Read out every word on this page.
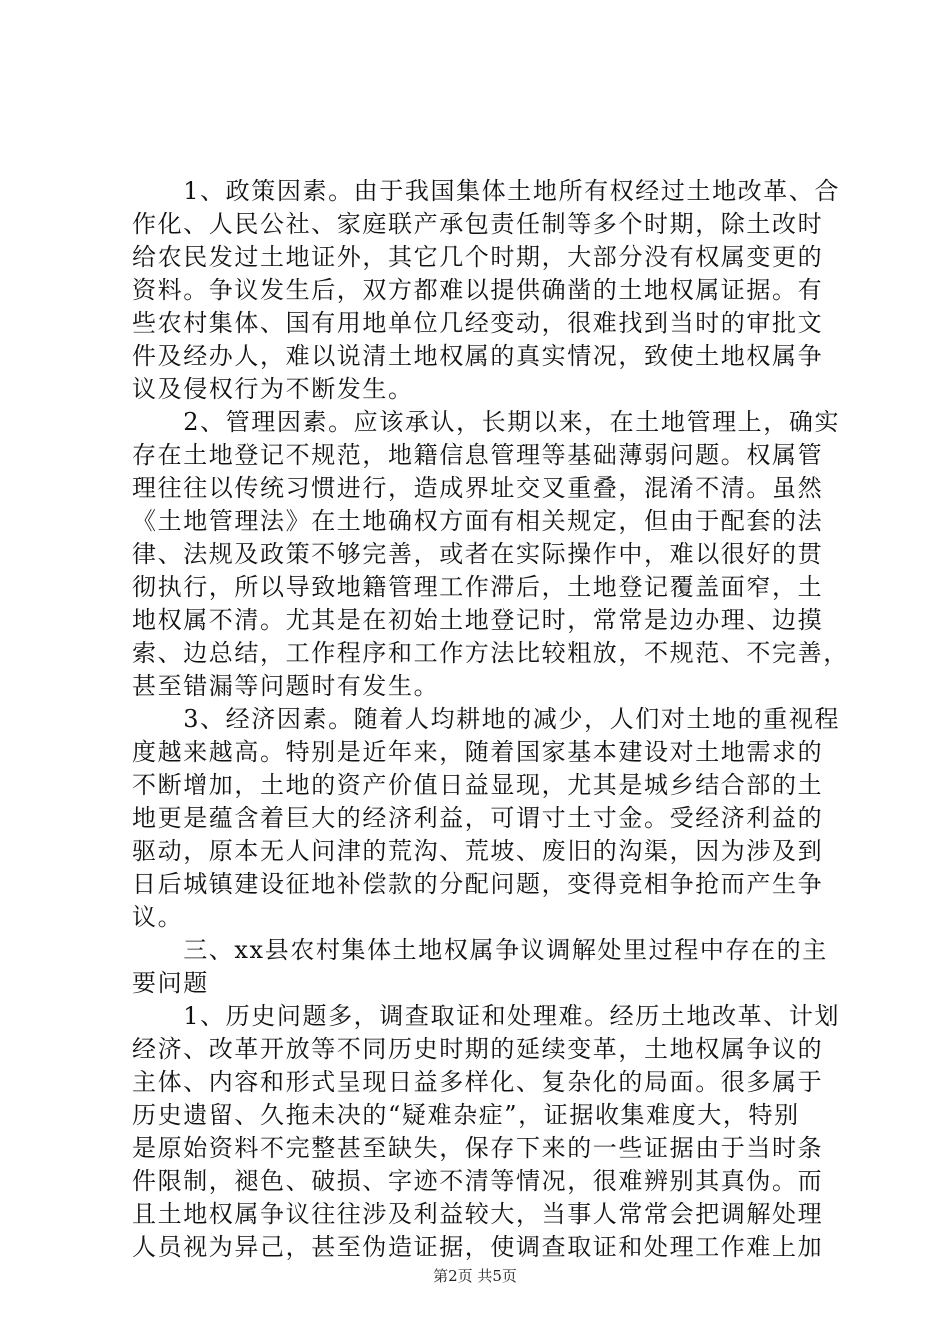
　　1、政策因素。由于我国集体土地所有权经过土地改革、合
作化、人民公社、家庭联产承包责任制等多个时期，除土改时
给农民发过土地证外，其它几个时期，大部分没有权属变更的
资料。争议发生后，双方都难以提供确凿的土地权属证据。有
些农村集体、国有用地单位几经变动，很难找到当时的审批文
件及经办人，难以说清土地权属的真实情况，致使土地权属争
议及侵权行为不断发生。
　　2、管理因素。应该承认，长期以来，在土地管理上，确实
存在土地登记不规范，地籍信息管理等基础薄弱问题。权属管
理往往以传统习惯进行，造成界址交叉重叠，混淆不清。虽然
《土地管理法》在土地确权方面有相关规定，但由于配套的法
律、法规及政策不够完善，或者在实际操作中，难以很好的贯
彻执行，所以导致地籍管理工作滞后，土地登记覆盖面窄，土
地权属不清。尤其是在初始土地登记时，常常是边办理、边摸
索、边总结，工作程序和工作方法比较粗放，不规范、不完善，
甚至错漏等问题时有发生。
　　3、经济因素。随着人均耕地的减少，人们对土地的重视程
度越来越高。特别是近年来，随着国家基本建设对土地需求的
不断增加，土地的资产价值日益显现，尤其是城乡结合部的土
地更是蕴含着巨大的经济利益，可谓寸土寸金。受经济利益的
驱动，原本无人问津的荒沟、荒坡、废旧的沟渠，因为涉及到
日后城镇建设征地补偿款的分配问题，变得竞相争抢而产生争
议。
　　三、xx县农村集体土地权属争议调解处里过程中存在的主
要问题
　　1、历史问题多，调查取证和处理难。经历土地改革、计划
经济、改革开放等不同历史时期的延续变革，土地权属争议的
主体、内容和形式呈现日益多样化、复杂化的局面。很多属于
历史遗留、久拖未决的“疑难杂症”，证据收集难度大，特别
是原始资料不完整甚至缺失，保存下来的一些证据由于当时条
件限制，褪色、破损、字迹不清等情况，很难辨别其真伪。而
且土地权属争议往往涉及利益较大，当事人常常会把调解处理
人员视为异己，甚至伪造证据，使调查取证和处理工作难上加
第2页 共5页
